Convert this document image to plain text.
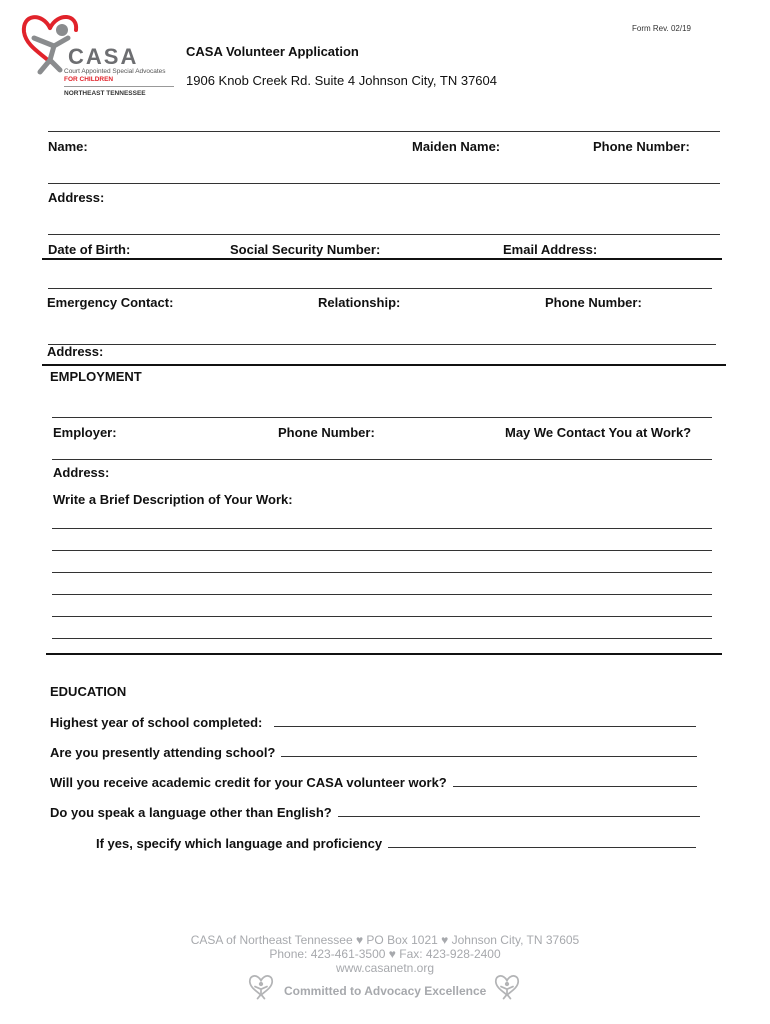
Form Rev. 02/19
CASA
Court Appointed Special Advocates
FOR CHILDREN
NORTHEAST TENNESSEE
CASA Volunteer Application
1906 Knob Creek Rd. Suite 4 Johnson City, TN 37604
Name:	Maiden Name:	Phone Number:
Address:
Date of Birth:	Social Security Number:	Email Address:
Emergency Contact:	Relationship:	Phone Number:
Address:
EMPLOYMENT
Employer:	Phone Number:	May We Contact You at Work?
Address:
Write a Brief Description of Your Work:
EDUCATION
Highest year of school completed:
Are you presently attending school?
Will you receive academic credit for your CASA volunteer work?
Do you speak a language other than English?
If yes, specify which language and proficiency
CASA of Northeast Tennessee ♥ PO Box 1021 ♥ Johnson City, TN 37605
Phone: 423-461-3500 ♥ Fax: 423-928-2400
www.casanetn.org
Committed to Advocacy Excellence
